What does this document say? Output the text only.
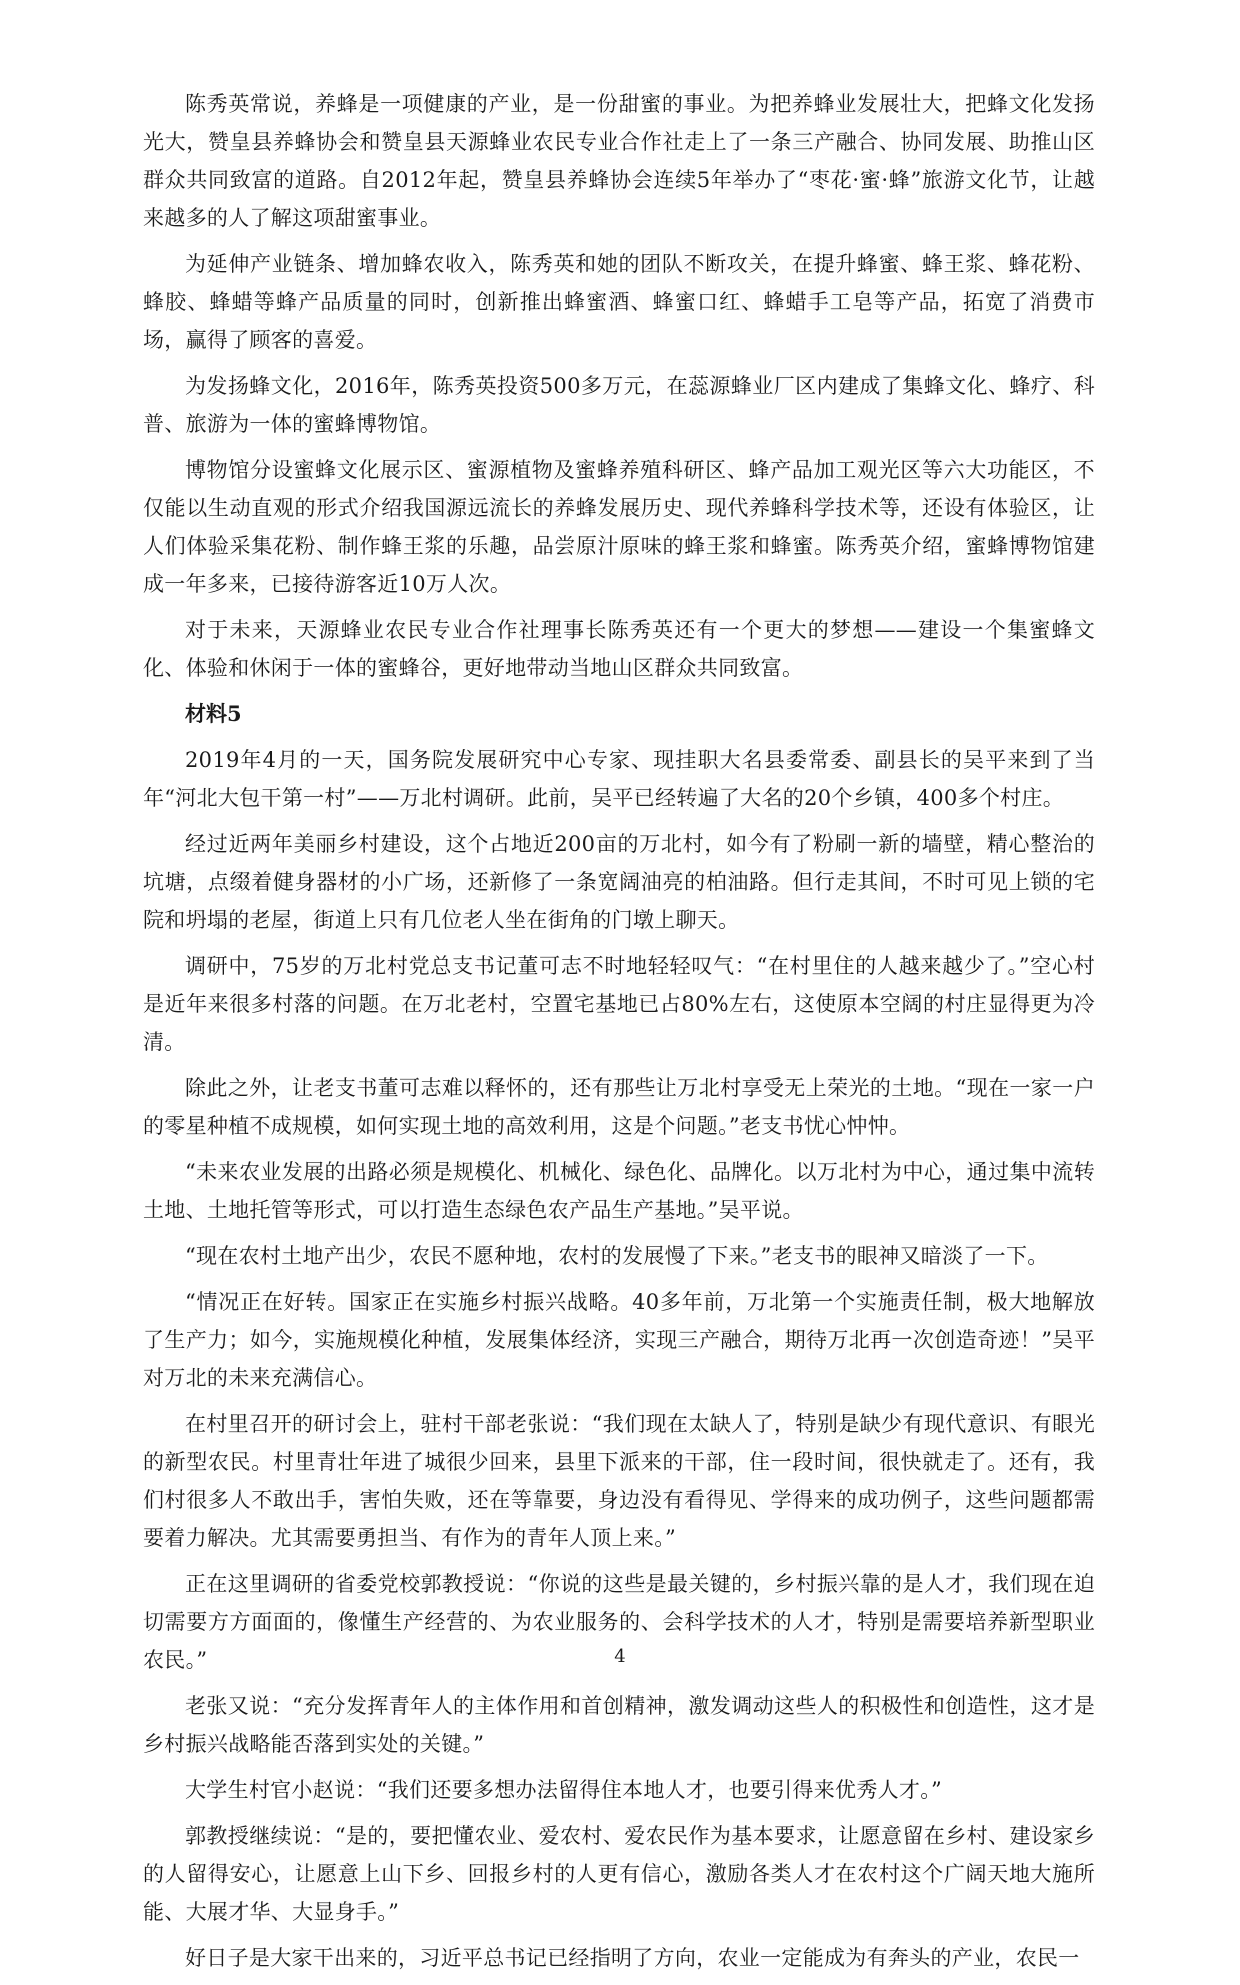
陈秀英常说，养蜂是一项健康的产业，是一份甜蜜的事业。为把养蜂业发展壮大，把蜂文化发扬光大，赞皇县养蜂协会和赞皇县天源蜂业农民专业合作社走上了一条三产融合、协同发展、助推山区群众共同致富的道路。自2012年起，赞皇县养蜂协会连续5年举办了“枣花·蜜·蜂”旅游文化节，让越来越多的人了解这项甜蜜事业。

为延伸产业链条、增加蜂农收入，陈秀英和她的团队不断攻关，在提升蜂蜜、蜂王浆、蜂花粉、蜂胶、蜂蜡等蜂产品质量的同时，创新推出蜂蜜酒、蜂蜜口红、蜂蜡手工皂等产品，拓宽了消费市场，赢得了顾客的喜爱。

为发扬蜂文化，2016年，陈秀英投资500多万元，在蕊源蜂业厂区内建成了集蜂文化、蜂疗、科普、旅游为一体的蜜蜂博物馆。

博物馆分设蜜蜂文化展示区、蜜源植物及蜜蜂养殖科研区、蜂产品加工观光区等六大功能区，不仅能以生动直观的形式介绍我国源远流长的养蜂发展历史、现代养蜂科学技术等，还设有体验区，让人们体验采集花粉、制作蜂王浆的乐趣，品尝原汁原味的蜂王浆和蜂蜜。陈秀英介绍，蜜蜂博物馆建成一年多来，已接待游客近10万人次。

对于未来，天源蜂业农民专业合作社理事长陈秀英还有一个更大的梦想——建设一个集蜜蜂文化、体验和休闲于一体的蜜蜂谷，更好地带动当地山区群众共同致富。

材料5

2019年4月的一天，国务院发展研究中心专家、现挂职大名县委常委、副县长的吴平来到了当年“河北大包干第一村”——万北村调研。此前，吴平已经转遍了大名的20个乡镇，400多个村庄。

经过近两年美丽乡村建设，这个占地近200亩的万北村，如今有了粉刷一新的墙壁，精心整治的坑塘，点缀着健身器材的小广场，还新修了一条宽阔油亮的柏油路。但行走其间，不时可见上锁的宅院和坍塌的老屋，街道上只有几位老人坐在街角的门墩上聊天。

调研中，75岁的万北村党总支书记董可志不时地轻轻叹气：“在村里住的人越来越少了。”空心村是近年来很多村落的问题。在万北老村，空置宅基地已占80%左右，这使原本空阔的村庄显得更为冷清。

除此之外，让老支书董可志难以释怀的，还有那些让万北村享受无上荣光的土地。“现在一家一户的零星种植不成规模，如何实现土地的高效利用，这是个问题。”老支书忧心忡忡。

“未来农业发展的出路必须是规模化、机械化、绿色化、品牌化。以万北村为中心，通过集中流转土地、土地托管等形式，可以打造生态绿色农产品生产基地。”吴平说。

“现在农村土地产出少，农民不愿种地，农村的发展慢了下来。”老支书的眼神又暗淡了一下。

“情况正在好转。国家正在实施乡村振兴战略。40多年前，万北第一个实施责任制，极大地解放了生产力；如今，实施规模化种植，发展集体经济，实现三产融合，期待万北再一次创造奇迹！”吴平对万北的未来充满信心。

在村里召开的研讨会上，驻村干部老张说：“我们现在太缺人了，特别是缺少有现代意识、有眼光的新型农民。村里青壮年进了城很少回来，县里下派来的干部，住一段时间，很快就走了。还有，我们村很多人不敢出手，害怕失败，还在等靠要，身边没有看得见、学得来的成功例子，这些问题都需要着力解决。尤其需要勇担当、有作为的青年人顶上来。”

正在这里调研的省委党校郭教授说：“你说的这些是最关键的，乡村振兴靠的是人才，我们现在迫切需要方方面面的，像懂生产经营的、为农业服务的、会科学技术的人才，特别是需要培养新型职业农民。”

老张又说：“充分发挥青年人的主体作用和首创精神，激发调动这些人的积极性和创造性，这才是乡村振兴战略能否落到实处的关键。”

大学生村官小赵说：“我们还要多想办法留得住本地人才，也要引得来优秀人才。”

郭教授继续说：“是的，要把懂农业、爱农村、爱农民作为基本要求，让愿意留在乡村、建设家乡的人留得安心，让愿意上山下乡、回报乡村的人更有信心，激励各类人才在农村这个广阔天地大施所能、大展才华、大显身手。”

好日子是大家干出来的，习近平总书记已经指明了方向，农业一定能成为有奔头的产业，农民一

4
